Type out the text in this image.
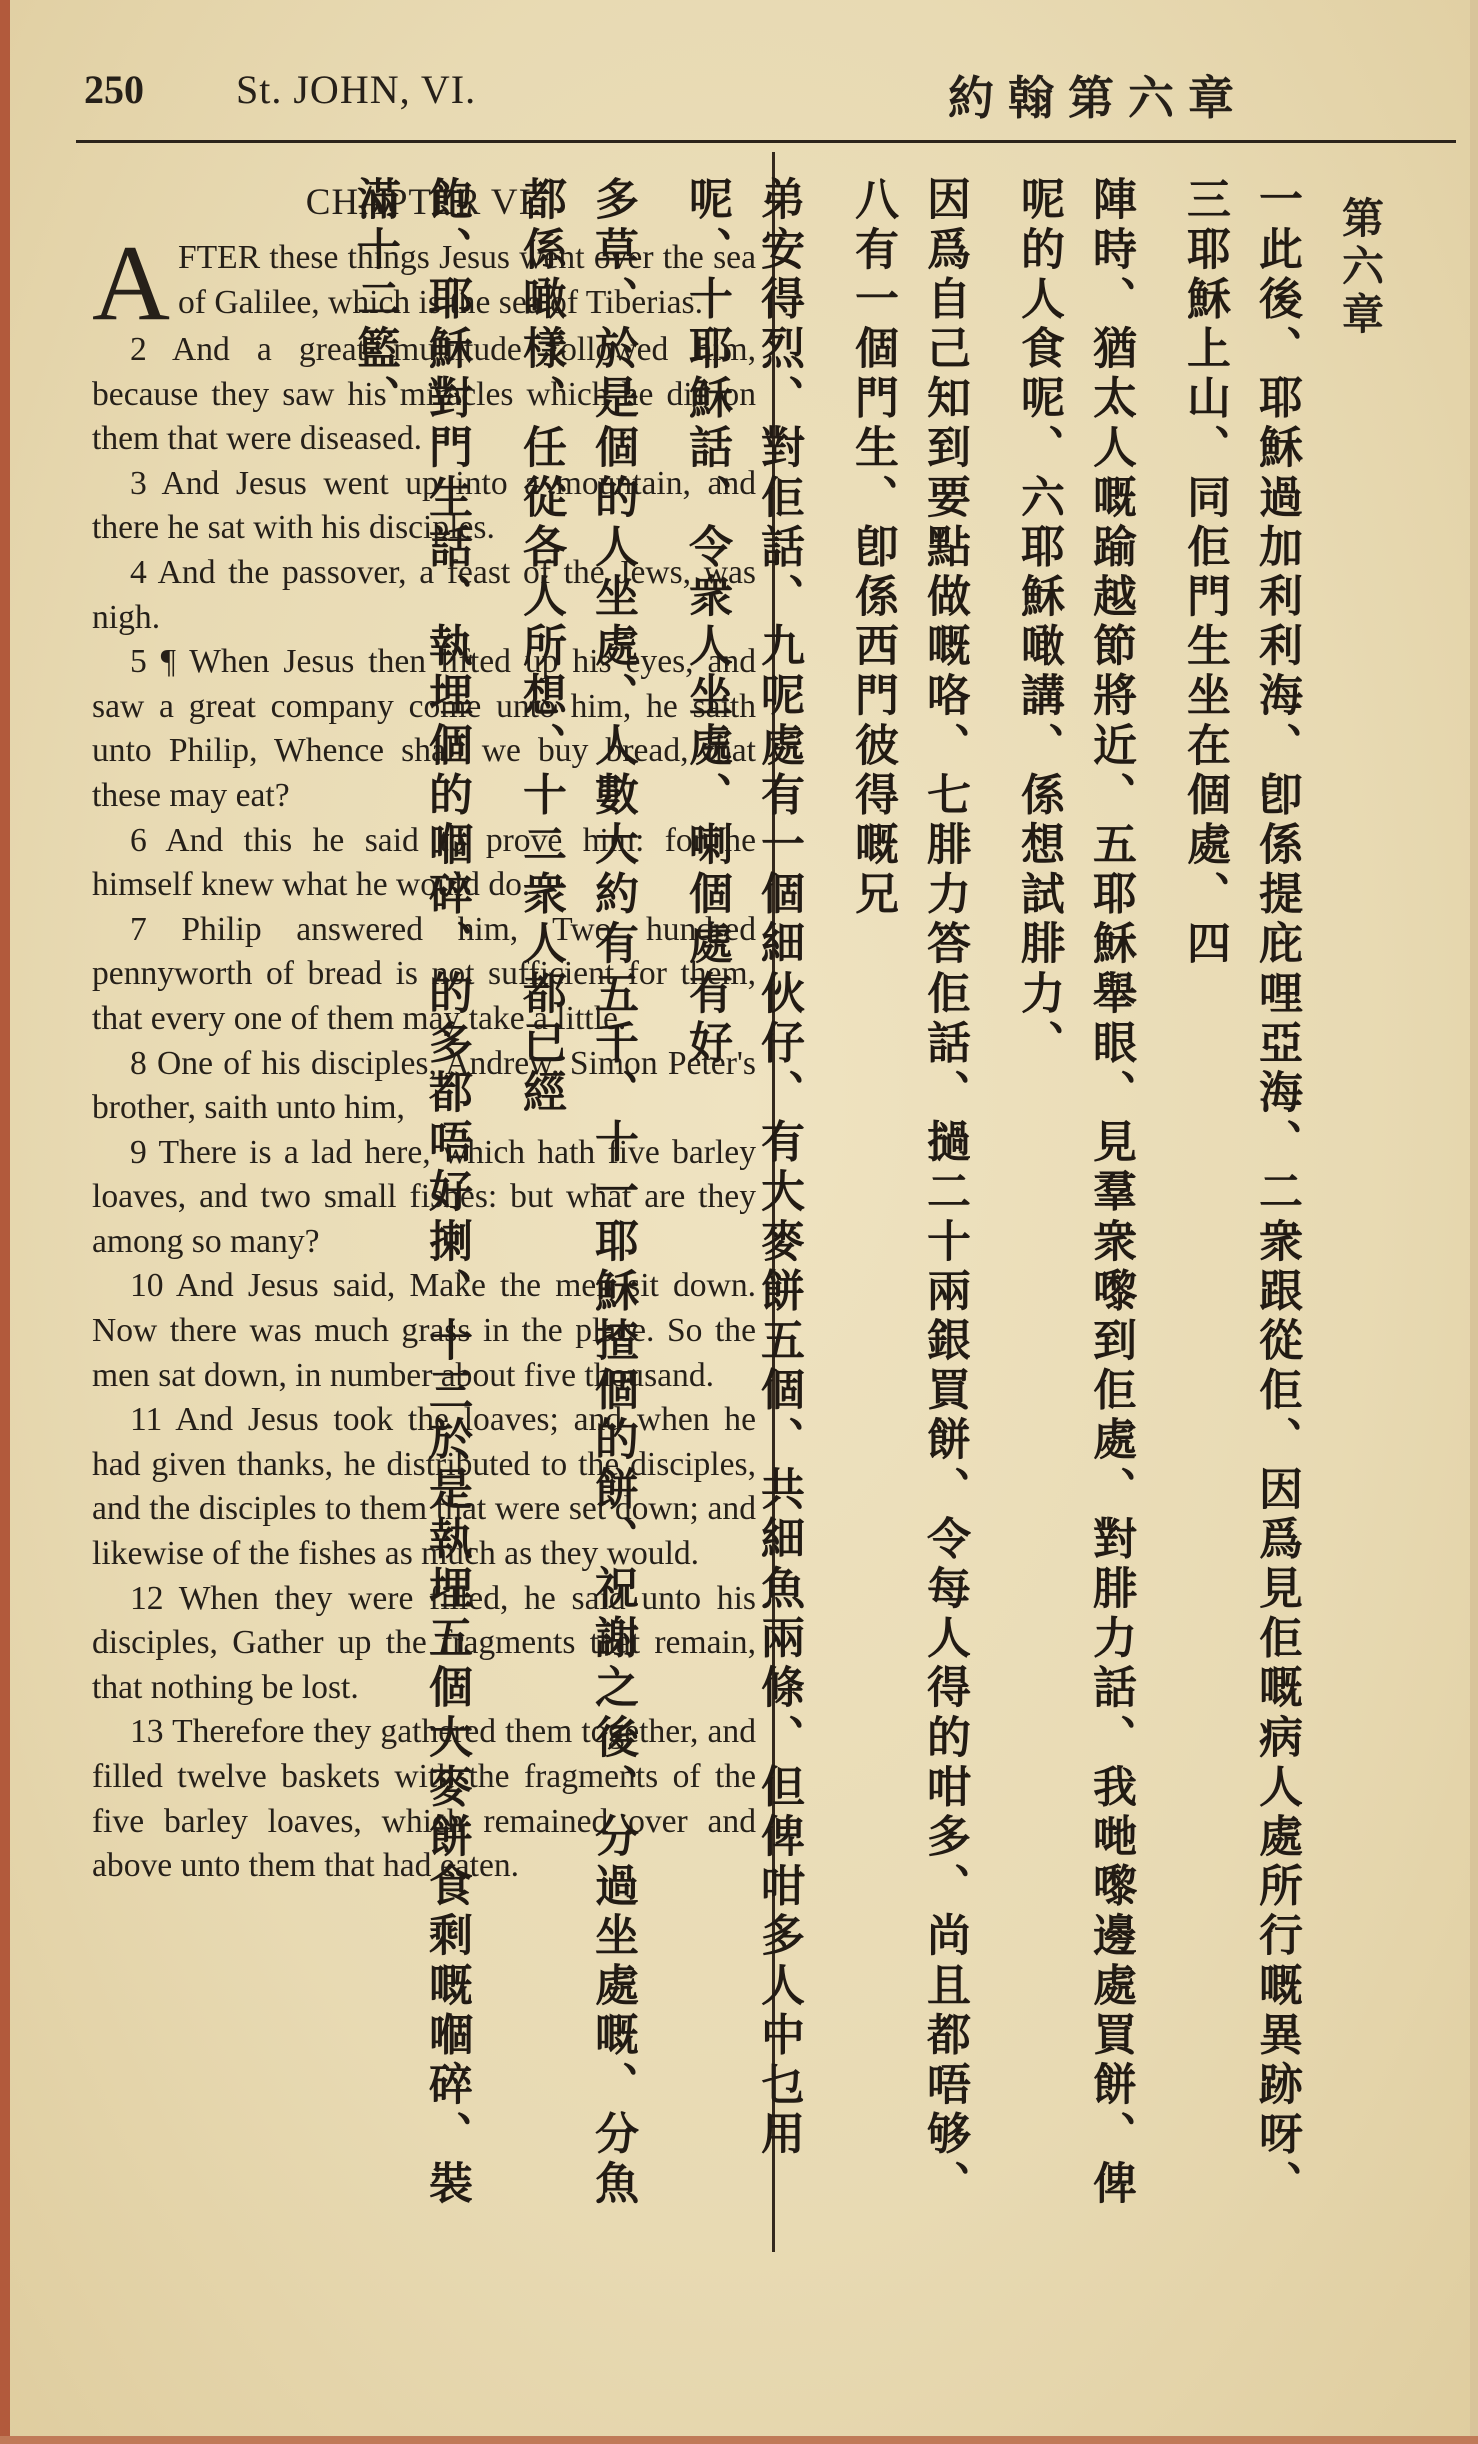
250 St. JOHN, VI.	約翰第六章
CHAPTER VI.
A FTER these things Jesus went over the sea of Galilee, which is the sea of Tiberias.
2 And a great multitude followed him, because they saw his miracles which he did on them that were diseased.
3 And Jesus went up into a mountain, and there he sat with his disciples.
4 And the passover, a feast of the Jews, was nigh.
5 ¶ When Jesus then lifted up his eyes, and saw a great company come unto him, he saith unto Philip, Whence shall we buy bread, that these may eat?
6 And this he said to prove him: for he himself knew what he would do.
7 Philip answered him, Two hundred pennyworth of bread is not sufficient for them, that every one of them may take a little.
8 One of his disciples, Andrew, Simon Peter's brother, saith unto him,
9 There is a lad here, which hath five barley loaves, and two small fishes: but what are they among so many?
10 And Jesus said, Make the men sit down. Now there was much grass in the place. So the men sat down, in number about five thousand.
11 And Jesus took the loaves; and when he had given thanks, he distributed to the disciples, and the disciples to them that were set down; and likewise of the fishes as much as they would.
12 When they were filled, he said unto his disciples, Gather up the fragments that remain, that nothing be lost.
13 Therefore they gathered them together, and filled twelve baskets with the fragments of the five barley loaves, which remained over and above unto them that had eaten.
第六章
一此後、耶穌過加利利海、卽係提庇哩亞海、二衆跟從佢、因爲見佢嘅病人處所行嘅異跡呀、三耶穌上山、同佢門生坐在個處、四
陣時、猶太人嘅踰越節將近、五耶穌舉眼、見羣衆嚟到佢處、對腓力話、我哋嚟邊處買餅、俾呢的人食呢、六耶穌噉講、係想試腓力、
因爲自己知到要點做嘅咯、七腓力答佢話、撾二十兩銀買餅、令每人得的咁多、尚且都唔够、八有一個門生、卽係西門彼得嘅兄
弟安得烈、對佢話、九呢處有一個細伙仔、有大麥餅五個、共細魚兩條、但俾咁多人中乜用呢、十耶穌話、令衆人坐處、喇個處有好
多草、於是個的人坐處、人數大約有五千、十一耶穌揸個的餅、祝謝之後、分過坐處嘅、分魚都係噉樣、任從各人所想、十二衆人都已經
飽、耶穌對門生話、執埋個的嗰碎、的多都唔好揦、十三於是執埋五個大麥餅食剩嘅嗰碎、裝滿十二籃、
